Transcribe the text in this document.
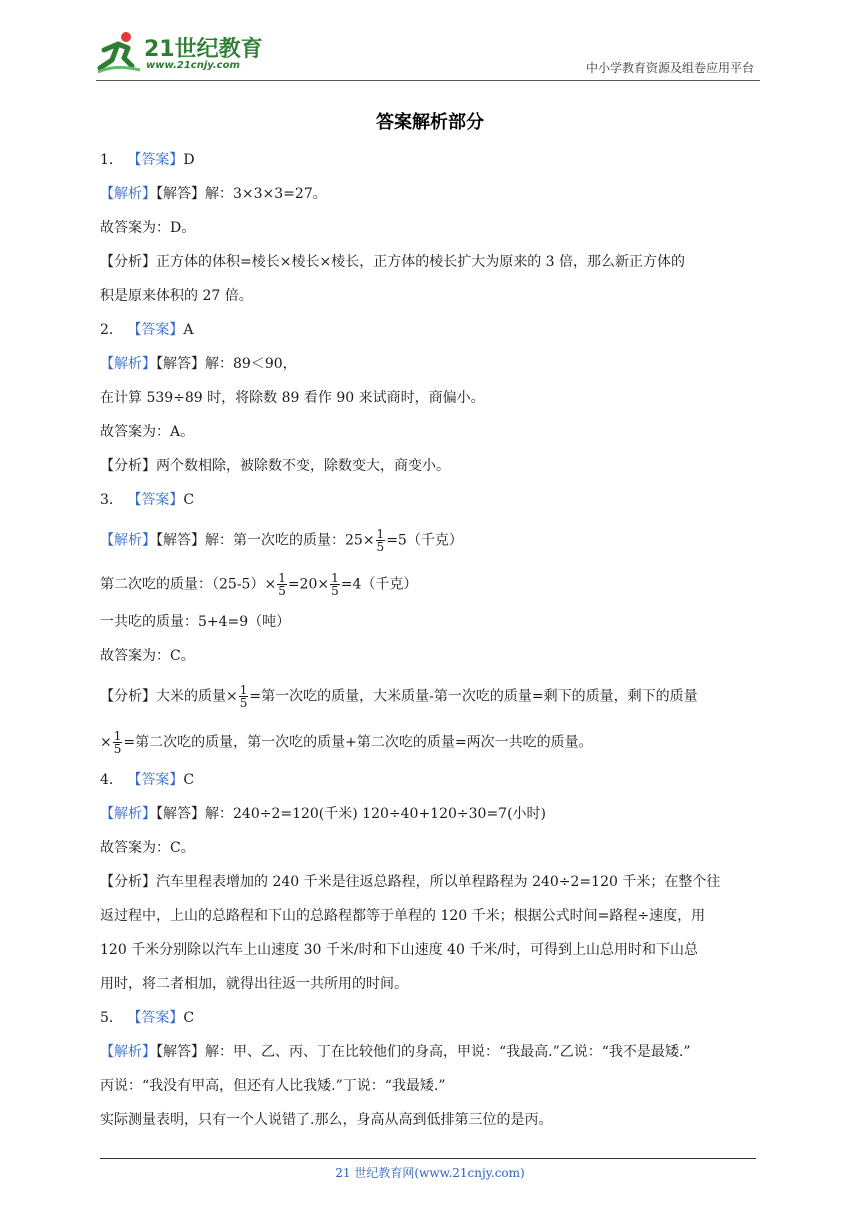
21世纪教育
www.21cnjy.com	中小学教育资源及组卷应用平台
答案解析部分
1． 【答案】D
【解析】【解答】解：3×3×3=27。
故答案为：D。
【分析】正方体的体积=棱长×棱长×棱长，正方体的棱长扩大为原来的 3 倍，那么新正方体的
积是原来体积的 27 倍。
2． 【答案】A
【解析】【解答】解：89＜90，
在计算 539÷89 时，将除数 89 看作 90 来试商时，商偏小。
故答案为：A。
【分析】两个数相除，被除数不变，除数变大，商变小。
3． 【答案】C
【解析】【解答】解：第一次吃的质量：$25\times \frac{1}{5} =5$（千克）
第二次吃的质量：$(25-5)\times \frac{1}{5} =20\times \frac{1}{5} =4$（千克）
一共吃的质量：5+4=9（吨）
故答案为：C。
【分析】大米的质量× $\frac{1}{5}$ =第一次吃的质量，大米质量-第一次吃的质量=剩下的质量，剩下的质量
× $\frac{1}{5}$ =第二次吃的质量，第一次吃的质量+第二次吃的质量=两次一共吃的质量。
4． 【答案】C
【解析】【解答】解：240÷2=120(千米) 120÷40+120÷30=7(小时)
故答案为：C。
【分析】汽车里程表增加的 240 千米是往返总路程，所以单程路程为 240÷2=120 千米；在整个往
返过程中，上山的总路程和下山的总路程都等于单程的 120 千米；根据公式时间=路程÷速度，用
120 千米分别除以汽车上山速度 30 千米/时和下山速度 40 千米/时，可得到上山总用时和下山总
用时，将二者相加，就得出往返一共所用的时间。
5． 【答案】C
【解析】【解答】解：甲、乙、丙、丁在比较他们的身高，甲说：“我最高.”乙说：“我不是最矮.”
丙说：“我没有甲高，但还有人比我矮.”丁说：“我最矮.”
实际测量表明，只有一个人说错了.那么，身高从高到低排第三位的是丙。
21 世纪教育网(www.21cnjy.com)
